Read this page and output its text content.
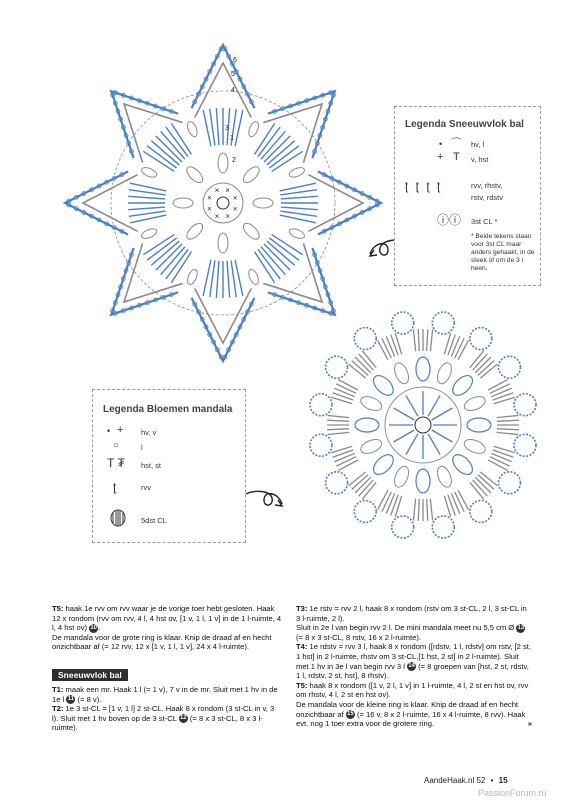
×
×
×
×
×
×
×
×
1
2
3
4
5
6
Legenda Sneeuwvlok bal
• ⌒ hv, l
+ T v, hst
ʈ ʈ ʈ ʈ	rvv, rhstv,
rstv, rdstv
ⓘⓘ 3st CL *
* Beide tekens staan voor 3st CL maar anders gehaakt, in de steek of om de 3 l heen.
Legenda Bloemen mandala
• + hv, v
○	l
T ₮ hst, st
ʈ	rvv
5dst CL

T5: haak 1e rvv om rvv waar je de vorige toer hebt gesloten. Haak 12 x rondom (rvv om rvv, 4 l, 4 hst ov, [1 v, 1 l, 1 v] in de 1 l-ruimte, 4 l, 4 hst ov) 10.

De mandala voor de grote ring is klaar. Knip de draad af en hecht onzichtbaar af (= 12 rvv, 12 x [1 v, 1 l, 1 v], 24 x 4 l-ruimte).

Sneeuwvlok bal

T1: maak een mr. Haak 1 l (= 1 v), 7 v in de mr. Sluit met 1 hv in de 1e l 11 (= 8 v).

T2: 1e 3 st-CL = [1 v, 1 l] 2 st-CL. Haak 8 x rondom (3 st-CL in v, 3 l). Sluit met 1 hv boven op de 3 st-CL 12 (= 8 x 3 st-CL, 8 x 3 l-ruimte).

T3: 1e rstv = rvv 2 l, haak 8 x rondom (rstv om 3 st-CL, 2 l, 3 st-CL in 3 l-ruimte, 2 l).

Sluit in 2e l van begin rvv 2 l. De mini mandala meet nu 5,5 cm Ø 13 (= 8 x 3 st-CL, 8 rstv, 16 x 2 l-ruimte).

T4: 1e rdstv = rvv 3 l, haak 8 x rondom ([rdstv, 1 l, rdstv] om rstv, [2 st, 1 hst] in 2 l-ruimte, rhstv om 3 st-CL,[1 hst, 2 st] in 2 l-ruimte). Sluit met 1 hv in 3e l van begin rvv 3 l 14 (= 8 groepen van [hst, 2 st, rdstv, 1 l, rdstv, 2 st, hst], 8 rhstv).

T5: haak 8 x rondom ([1 v, 2 l, 1 v] in 1 l-ruimte, 4 l, 2 st en hst ov, rvv om rhstv, 4 l, 2 st en hst ov).

De mandala voor de kleine ring is klaar. Knip de draad af en hecht onzichtbaar af 15 (= 16 v, 8 x 2 l-ruimte, 16 x 4 l-ruimte, 8 rvv). Haak evt. nog 1 toer extra voor de grotere ring.	»

AandeHaak.nl 52 • 15
PassionForum.ru
